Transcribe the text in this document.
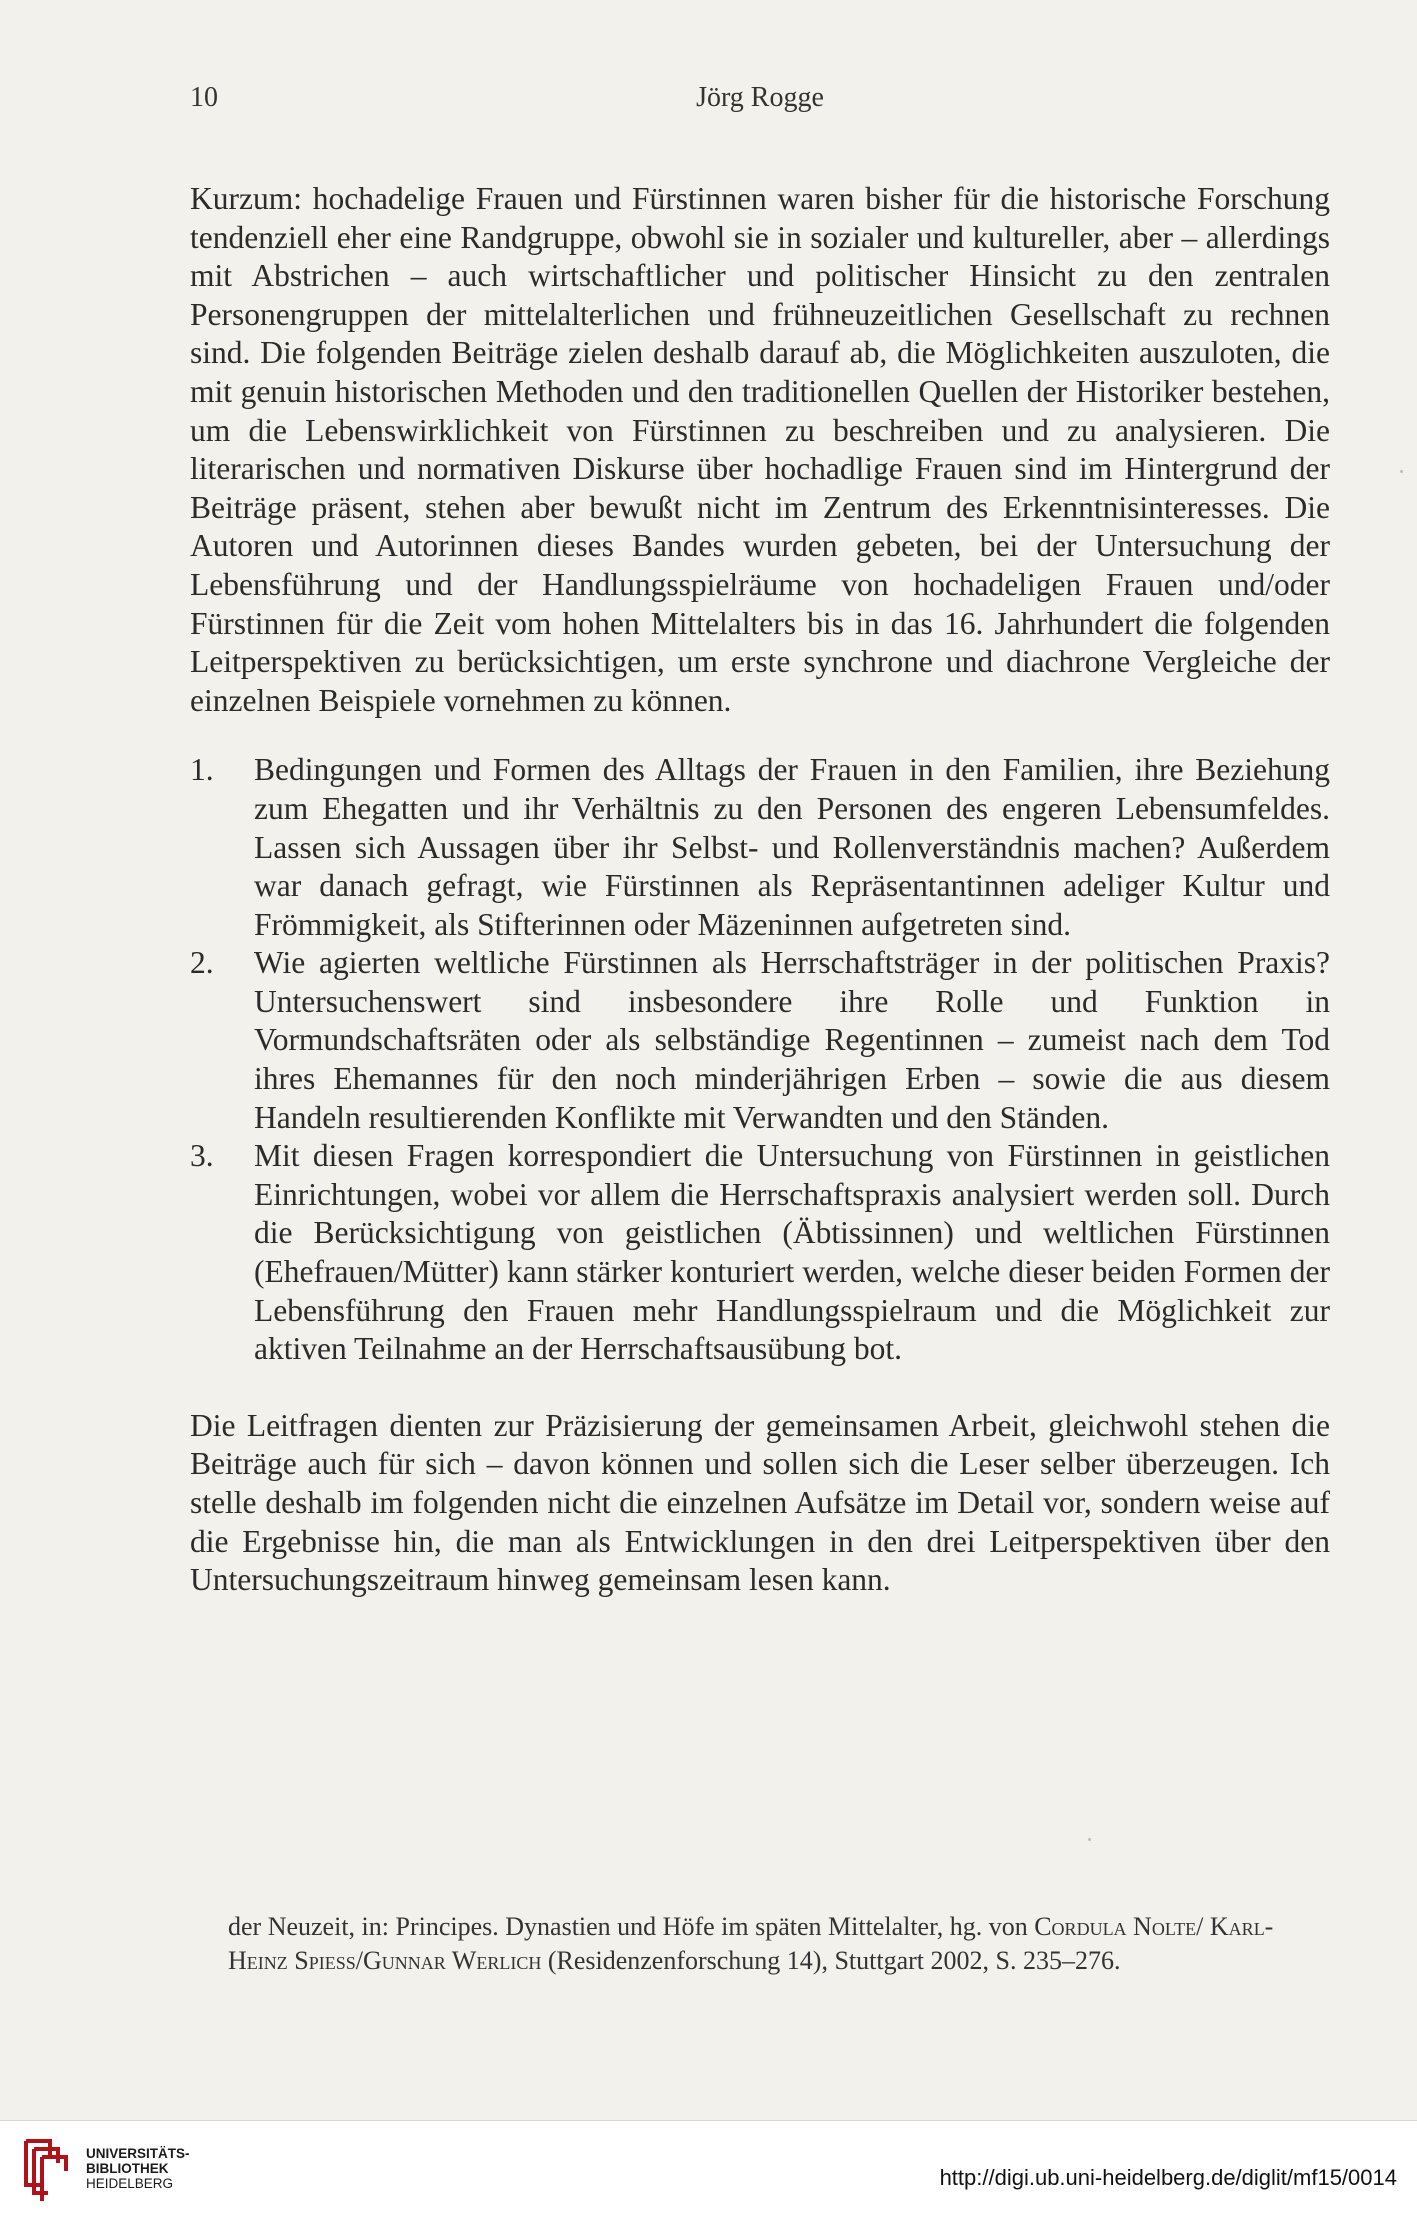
10	Jörg Rogge

Kurzum: hochadelige Frauen und Fürstinnen waren bisher für die historische Forschung tendenziell eher eine Randgruppe, obwohl sie in sozialer und kultureller, aber – allerdings mit Abstrichen – auch wirtschaftlicher und politischer Hinsicht zu den zentralen Personengruppen der mittelalterlichen und frühneuzeitlichen Gesellschaft zu rechnen sind. Die folgenden Beiträge zielen deshalb darauf ab, die Möglichkeiten auszuloten, die mit genuin historischen Methoden und den traditionellen Quellen der Historiker bestehen, um die Lebenswirklichkeit von Fürstinnen zu beschreiben und zu analysieren. Die literarischen und normativen Diskurse über hochadlige Frauen sind im Hintergrund der Beiträge präsent, stehen aber bewußt nicht im Zentrum des Erkenntnisinteresses. Die Autoren und Autorinnen dieses Bandes wurden gebeten, bei der Untersuchung der Lebensführung und der Handlungsspielräume von hochadeligen Frauen und/oder Fürstinnen für die Zeit vom hohen Mittelalters bis in das 16. Jahrhundert die folgenden Leitperspektiven zu berücksichtigen, um erste synchrone und diachrone Vergleiche der einzelnen Beispiele vornehmen zu können.

1. Bedingungen und Formen des Alltags der Frauen in den Familien, ihre Beziehung zum Ehegatten und ihr Verhältnis zu den Personen des engeren Lebensumfeldes. Lassen sich Aussagen über ihr Selbst- und Rollenverständnis machen? Außerdem war danach gefragt, wie Fürstinnen als Repräsentantinnen adeliger Kultur und Frömmigkeit, als Stifterinnen oder Mäzeninnen aufgetreten sind.
2. Wie agierten weltliche Fürstinnen als Herrschaftsträger in der politischen Praxis? Untersuchenswert sind insbesondere ihre Rolle und Funktion in Vormundschaftsräten oder als selbständige Regentinnen – zumeist nach dem Tod ihres Ehemannes für den noch minderjährigen Erben – sowie die aus diesem Handeln resultierenden Konflikte mit Verwandten und den Ständen.
3. Mit diesen Fragen korrespondiert die Untersuchung von Fürstinnen in geistlichen Einrichtungen, wobei vor allem die Herrschaftspraxis analysiert werden soll. Durch die Berücksichtigung von geistlichen (Äbtissinnen) und weltlichen Fürstinnen (Ehefrauen/Mütter) kann stärker konturiert werden, welche dieser beiden Formen der Lebensführung den Frauen mehr Handlungsspielraum und die Möglichkeit zur aktiven Teilnahme an der Herrschaftsausübung bot.

Die Leitfragen dienten zur Präzisierung der gemeinsamen Arbeit, gleichwohl stehen die Beiträge auch für sich – davon können und sollen sich die Leser selber überzeugen. Ich stelle deshalb im folgenden nicht die einzelnen Aufsätze im Detail vor, sondern weise auf die Ergebnisse hin, die man als Entwicklungen in den drei Leitperspektiven über den Untersuchungszeitraum hinweg gemeinsam lesen kann.

der Neuzeit, in: Principes. Dynastien und Höfe im späten Mittelalter, hg. von Cordula Nolte/ Karl-Heinz Spiess/Gunnar Werlich (Residenzenforschung 14), Stuttgart 2002, S. 235–276.
UNIVERSITÄTS-
BIBLIOTHEK
HEIDELBERG	http://digi.ub.uni-heidelberg.de/diglit/mf15/0014
